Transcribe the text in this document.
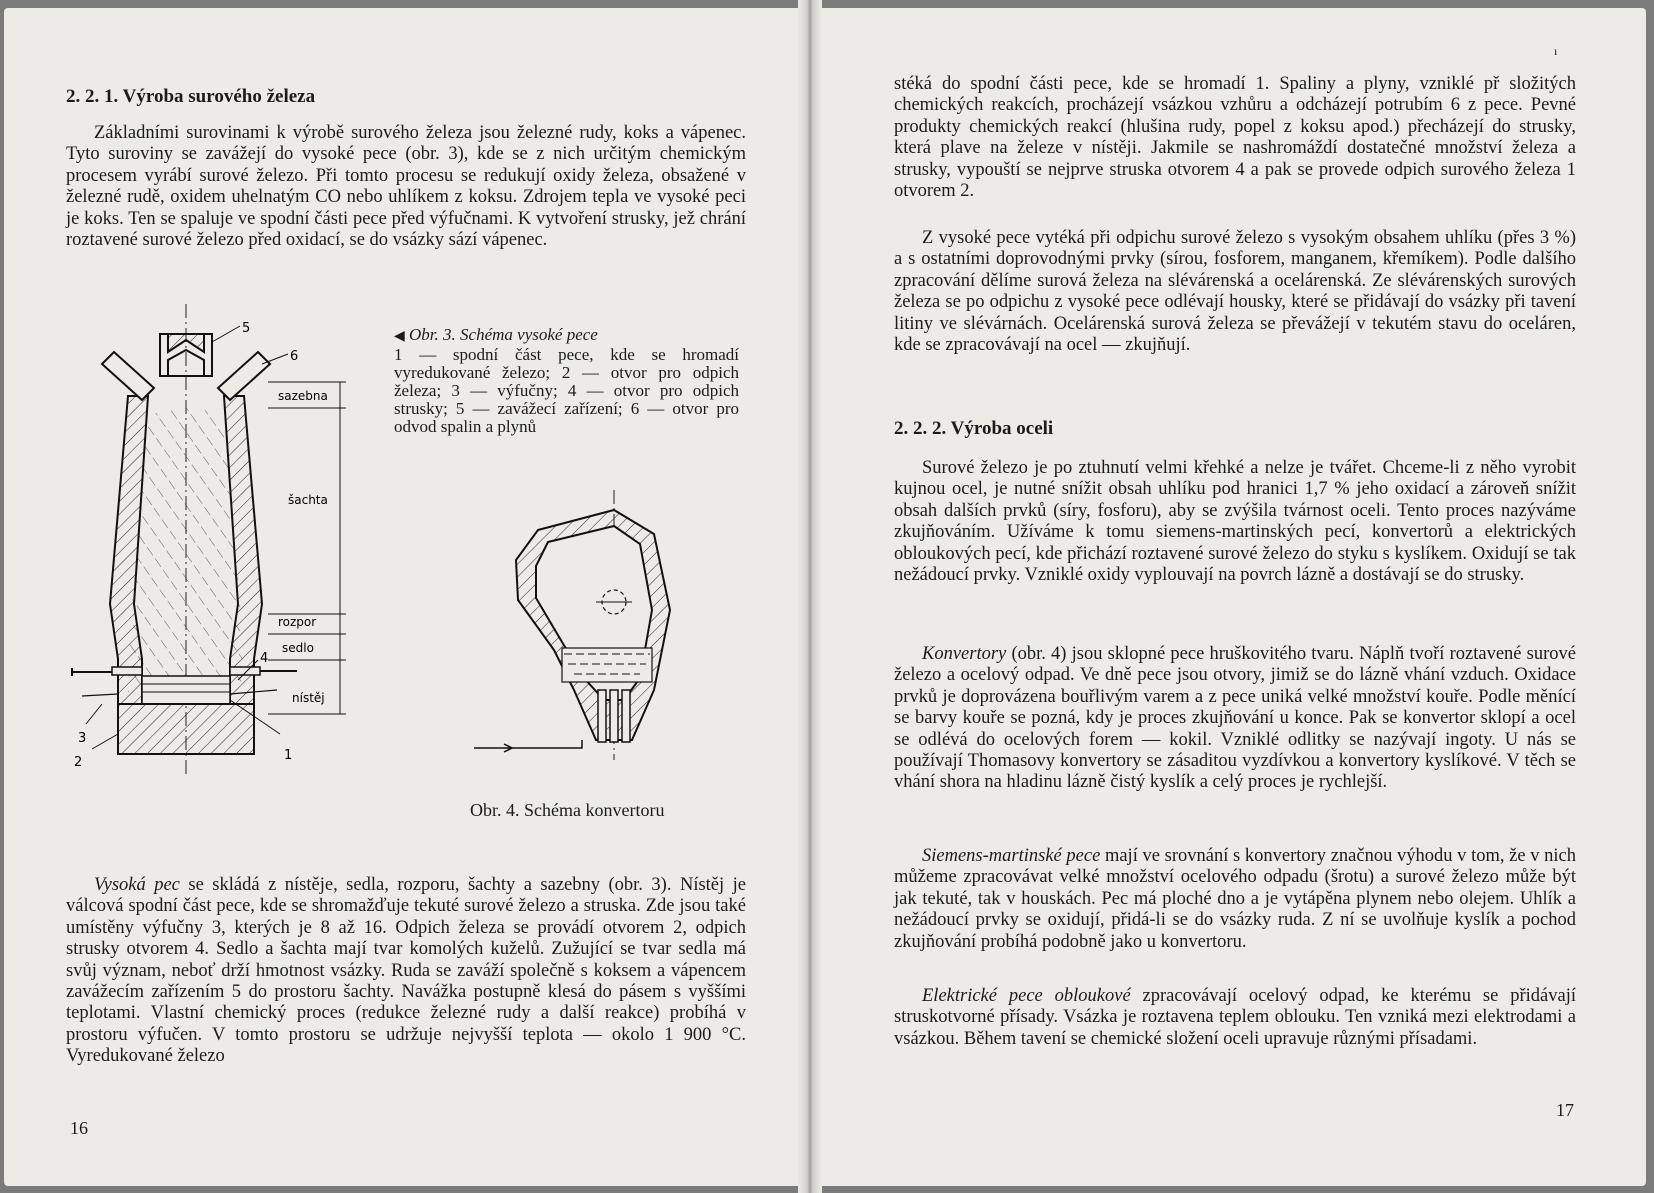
2. 2. 1. Výroba surového železa

Základními surovinami k výrobě surového železa jsou železné rudy, koks a vápenec. Tyto suroviny se zavážejí do vysoké pece (obr. 3), kde se z nich určitým chemickým procesem vyrábí surové železo. Při tomto procesu se redukují oxidy železa, obsažené v železné rudě, oxidem uhelnatým CO nebo uhlíkem z koksu. Zdrojem tepla ve vysoké peci je koks. Ten se spaluje ve spodní části pece před výfučnami. K vytvoření strusky, jež chrání roztavené surové železo před oxidací, se do vsázky sází vápenec.

sazebna
šachta
rozpor
sedlo
nístěj
5
6
4
3
2	1

◀ Obr. 3. Schéma vysoké pece

1 — spodní část pece, kde se hromadí vyredukované železo; 2 — otvor pro odpich železa; 3 — výfučny; 4 — otvor pro odpich strusky; 5 — zavážecí zařízení; 6 — otvor pro odvod spalin a plynů

Obr. 4. Schéma konvertoru

Vysoká pec se skládá z nístěje, sedla, rozporu, šachty a sazebny (obr. 3). Nístěj je válcová spodní část pece, kde se shromažďuje tekuté surové železo a struska. Zde jsou také umístěny výfučny 3, kterých je 8 až 16. Odpich železa se provádí otvorem 2, odpich strusky otvorem 4. Sedlo a šachta mají tvar komolých kuželů. Zužující se tvar sedla má svůj význam, neboť drží hmotnost vsázky. Ruda se zaváží společně s koksem a vápencem zavážecím zařízením 5 do prostoru šachty. Navážka postupně klesá do pásem s vyššími teplotami. Vlastní chemický proces (redukce železné rudy a další reakce) probíhá v prostoru výfučen. V tomto prostoru se udržuje nejvyšší teplota — okolo 1 900 °C. Vyredukované železo

16
ı

stéká do spodní části pece, kde se hromadí 1. Spaliny a plyny, vzniklé př složitých chemických reakcích, procházejí vsázkou vzhůru a odcházejí potrubím 6 z pece. Pevné produkty chemických reakcí (hlušina rudy, popel z koksu apod.) přecházejí do strusky, která plave na železe v nístěji. Jakmile se nashromáždí dostatečné množství železa a strusky, vypouští se nejprve struska otvorem 4 a pak se provede odpich surového železa 1 otvorem 2.

Z vysoké pece vytéká při odpichu surové železo s vysokým obsahem uhlíku (přes 3 %) a s ostatními doprovodnými prvky (sírou, fosforem, manganem, křemíkem). Podle dalšího zpracování dělíme surová železa na slévárenská a ocelárenská. Ze slévárenských surových železa se po odpichu z vysoké pece odlévají housky, které se přidávají do vsázky při tavení litiny ve slévárnách. Ocelárenská surová železa se převážejí v tekutém stavu do oceláren, kde se zpracovávají na ocel — zkujňují.

2. 2. 2. Výroba oceli

Surové železo je po ztuhnutí velmi křehké a nelze je tvářet. Chceme-li z něho vyrobit kujnou ocel, je nutné snížit obsah uhlíku pod hranici 1,7 % jeho oxidací a zároveň snížit obsah dalších prvků (síry, fosforu), aby se zvýšila tvárnost oceli. Tento proces nazýváme zkujňováním. Užíváme k tomu siemens-martinských pecí, konvertorů a elektrických obloukových pecí, kde přichází roztavené surové železo do styku s kyslíkem. Oxidují se tak nežádoucí prvky. Vzniklé oxidy vyplouvají na povrch lázně a dostávají se do strusky.

Konvertory (obr. 4) jsou sklopné pece hruškovitého tvaru. Náplň tvoří roztavené surové železo a ocelový odpad. Ve dně pece jsou otvory, jimiž se do lázně vhání vzduch. Oxidace prvků je doprovázena bouřlivým varem a z pece uniká velké množství kouře. Podle měnící se barvy kouře se pozná, kdy je proces zkujňování u konce. Pak se konvertor sklopí a ocel se odlévá do ocelových forem — kokil. Vzniklé odlitky se nazývají ingoty. U nás se používají Thomasovy konvertory se zásaditou vyzdívkou a konvertory kyslíkové. V těch se vhání shora na hladinu lázně čistý kyslík a celý proces je rychlejší.

Siemens-martinské pece mají ve srovnání s konvertory značnou výhodu v tom, že v nich můžeme zpracovávat velké množství ocelového odpadu (šrotu) a surové železo může být jak tekuté, tak v houskách. Pec má ploché dno a je vytápěna plynem nebo olejem. Uhlík a nežádoucí prvky se oxidují, přidá-li se do vsázky ruda. Z ní se uvolňuje kyslík a pochod zkujňování probíhá podobně jako u konvertoru.

Elektrické pece obloukové zpracovávají ocelový odpad, ke kterému se přidávají struskotvorné přísady. Vsázka je roztavena teplem oblouku. Ten vzniká mezi elektrodami a vsázkou. Během tavení se chemické složení oceli upravuje různými přísadami.

17
